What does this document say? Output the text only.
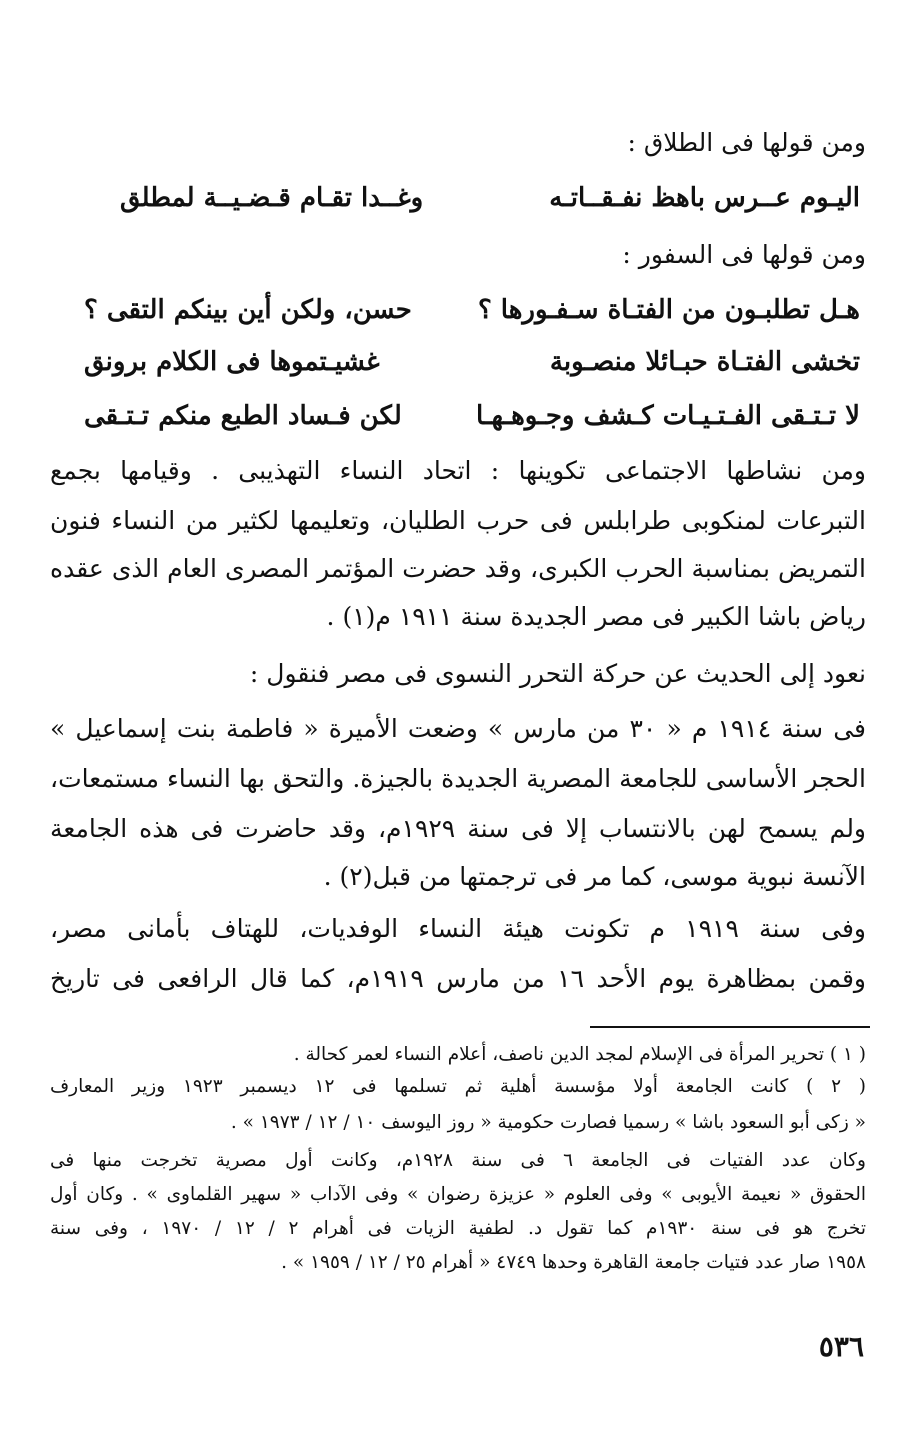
ومن قولها فى الطلاق :
اليـوم عــرس باهظ نفـقــاتـه
وغــدا تقـام قـضـيــة لمطلق
ومن قولها فى السفور :
هـل تطلبـون من الفتـاة سـفـورها ؟
حسن، ولكن أين بينكم التقى ؟
تخشى الفتـاة حبـائلا منصـوبة
غشيـتموها فى الكلام برونق
لا تـتـقى الفـتـيـات كـشف وجـوهـهـا
لكن فـساد الطبع منكم تـتـقى
ومن نشاطها الاجتماعى تكوينها : اتحاد النساء التهذيبى . وقيامها بجمع
التبرعات لمنكوبى طرابلس فى حرب الطليان، وتعليمها لكثير من النساء فنون
التمريض بمناسبة الحرب الكبرى، وقد حضرت المؤتمر المصرى العام الذى عقده
رياض باشا الكبير فى مصر الجديدة سنة ١٩١١ م(١) .
نعود إلى الحديث عن حركة التحرر النسوى فى مصر فنقول :
فى سنة ١٩١٤ م « ٣٠ من مارس » وضعت الأميرة « فاطمة بنت إسماعيل »
الحجر الأساسى للجامعة المصرية الجديدة بالجيزة. والتحق بها النساء مستمعات،
ولم يسمح لهن بالانتساب إلا فى سنة ١٩٢٩م، وقد حاضرت فى هذه الجامعة
الآنسة نبوية موسى، كما مر فى ترجمتها من قبل(٢) .
وفى سنة ١٩١٩ م تكونت هيئة النساء الوفديات، للهتاف بأمانى مصر،
وقمن بمظاهرة يوم الأحد ١٦ من مارس ١٩١٩م، كما قال الرافعى فى تاريخ
( ١ ) تحرير المرأة فى الإسلام لمجد الدين ناصف، أعلام النساء لعمر كحالة .
( ٢ ) كانت الجامعة أولا مؤسسة أهلية ثم تسلمها فى ١٢ ديسمبر ١٩٢٣ وزير المعارف
« زكى أبو السعود باشا » رسميا فصارت حكومية « روز اليوسف ١٠ / ١٢ / ١٩٧٣ » .
وكان عدد الفتيات فى الجامعة ٦ فى سنة ١٩٢٨م، وكانت أول مصرية تخرجت منها فى
الحقوق « نعيمة الأيوبى » وفى العلوم « عزيزة رضوان » وفى الآداب « سهير القلماوى » . وكان أول
تخرج هو فى سنة ١٩٣٠م كما تقول د. لطفية الزيات فى أهرام ٢ / ١٢ / ١٩٧٠ ، وفى سنة
١٩٥٨ صار عدد فتيات جامعة القاهرة وحدها ٤٧٤٩ « أهرام ٢٥ / ١٢ / ١٩٥٩ » .
٥٣٦
